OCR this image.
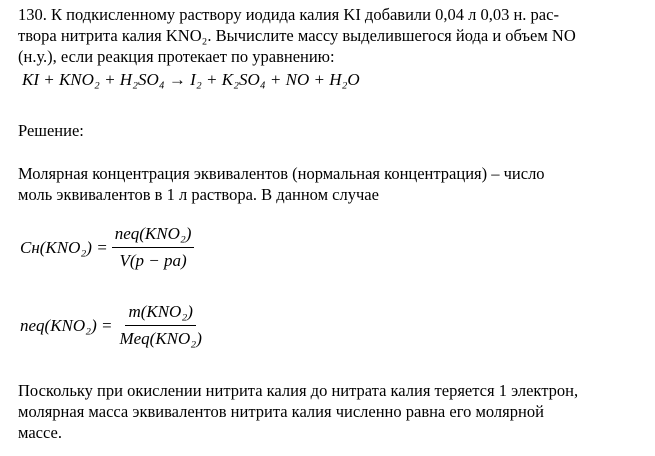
130. К подкисленному раствору иодида калия KI добавили 0,04 л 0,03 н. рас-

твора нитрита калия KNO₂. Вычислите массу выделившегося йода и объем NO

(н.у.), если реакция протекает по уравнению:

KI + KNO₂ + H₂SO₄ → I₂ + K₂SO₄ + NO + H₂O

Решение:

Молярная концентрация эквивалентов (нормальная концентрация) – число

моль эквивалентов в 1 л раствора. В данном случае

$Cн(KNO_2) = \frac{\text{neq(KNO₂)}}{V(p - pa)}$
$neq(KNO_2) = \frac{\text{m(KNO₂)}}{\text{Meq(KNO₂)}}$

Поскольку при окислении нитрита калия до нитрата калия теряется 1 электрон,

молярная масса эквивалентов нитрита калия численно равна его молярной

массе.
